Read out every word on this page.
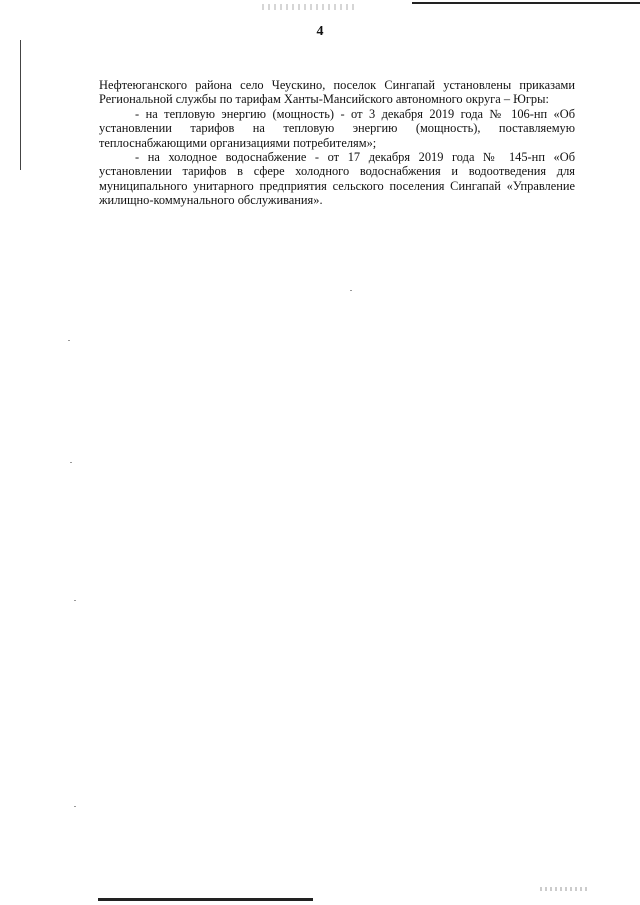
4

Нефтеюганского района село Чеускино, поселок Сингапай установлены приказами Региональной службы по тарифам Ханты-Мансийского автономного округа – Югры:

- на тепловую энергию (мощность) - от 3 декабря 2019 года № 106-нп «Об установлении тарифов на тепловую энергию (мощность), поставляемую теплоснабжающими организациями потребителям»;

- на холодное водоснабжение - от 17 декабря 2019 года № 145-нп «Об установлении тарифов в сфере холодного водоснабжения и водоотведения для муниципального унитарного предприятия сельского поселения Сингапай «Управление жилищно-коммунального обслуживания».
